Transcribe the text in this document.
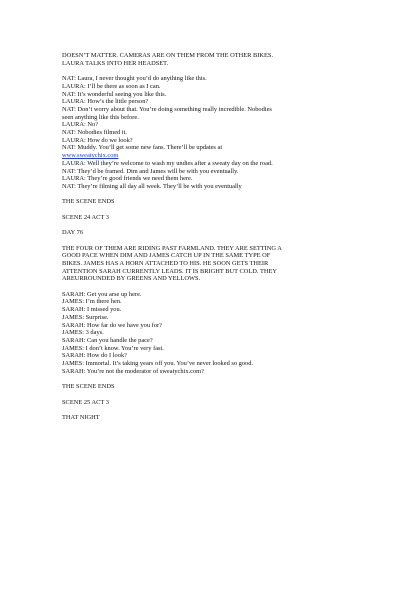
DOESN’T MATTER. CAMERAS ARE ON THEM FROM THE OTHER BIKES.
LAURA TALKS INTO HER HEADSET.
NAT: Laura, I never thought you’d do anything like this.
LAURA: I’ll be there as soon as I can.
NAT: It’s wonderful seeing you like this.
LAURA: How’s the little person?
NAT: Don’t worry about that. You’re doing something really incredible. Nobodies
seen anything like this before.
LAURA: No?
NAT: Nobodies filmed it.
LAURA: How do we look?
NAT: Muddy. You’ll get some new fans. There’ll be updates at
www.sweatychix.com
LAURA: Well they’re welcome to wash my undies after a sweaty day on the road.
NAT: They’d be framed. Dim and James will be with you eventually.
LAURA: They’re good friends we need them here.
NAT: They’re filming all day all week. They’ll be with you eventually
THE SCENE ENDS
SCENE 24 ACT 3
DAY 76
THE FOUR OF THEM ARE RIDING PAST FARMLAND. THEY ARE SETTING A
GOOD PACE WHEN DIM AND JAMES CATCH UP IN THE SAME TYPE OF
BIKES. JAMES HAS A HORN ATTACHED TO HIS. HE SOON GETS THEIR
ATTENTION SARAH CURRENTLY LEADS. IT IS BRIGHT BUT COLD. THEY
AREURROUNDED BY GREENS AND YELLOWS.
SARAH: Get you arse up here.
JAMES: I’m there hen.
SARAH: I missed you.
JAMES: Surprise.
SARAH: How far do we have you for?
JAMES: 3 days.
SARAH: Can you handle the pace?
JAMES: I don’t know. You’re very fast.
SARAH: How do I look?
JAMES: Immortal. It’s taking years off you. You’ve never looked so good.
SARAH: You’re not the moderator of sweatychix.com?
THE SCENE ENDS
SCENE 25 ACT 3
THAT NIGHT
